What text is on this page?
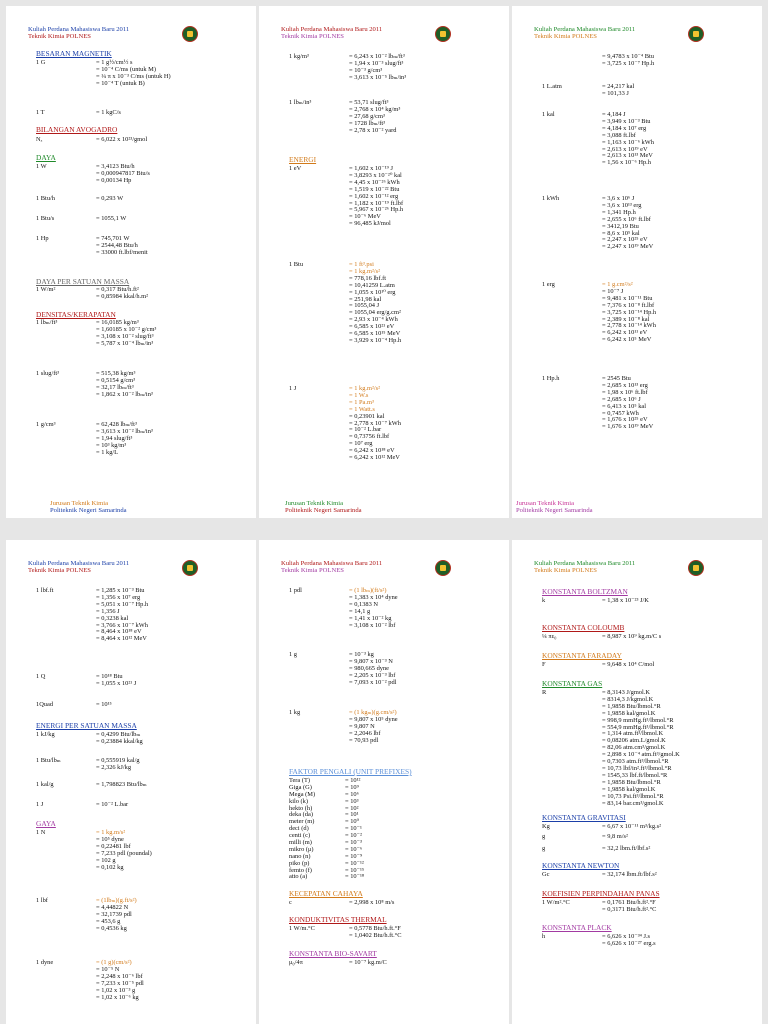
Kuliah Perdana Mahasiswa Baru 2011
Teknik Kimia POLNES
BESARAN MAGNETIK
1 G	= 1 g½/cm½ s
= 10⁻⁴ C/ms (untuk M)
= ¼ π x 10⁻³ C/ms (untuk H)
= 10⁻⁴ T (untuk B)
1 T	= 1 kgC/s
BILANGAN AVOGADRO
Nₐ	= 6,022 x 10²³/gmol
DAYA
1 W	= 3,4123 Btu/h
= 0,000947817 Btu/s
= 0,00134 Hp
1 Btu/h	= 0,293 W
1 Btu/s	= 1055,1 W
1 Hp	= 745,701 W
= 2544,48 Btu/h
= 33000 ft.lbf/menit
DAYA PER SATUAN MASSA
1 W/m²	= 0,317 Btu/h.ft²
= 0,85984 kkal/h.m²
DENSITAS/KERAPATAN
1 lbₘ/ft³	= 16,0185 kg/m³
= 1,60185 x 10⁻² g/cm³
= 3,108 x 10⁻² slug/ft³
= 5,787 x 10⁻⁴ lbₘ/in³
1 slug/ft³	= 515,38 kg/m³
= 0,5154 g/cm³
= 32,17 lbₘ/ft³
= 1,862 x 10⁻² lbₘ/in³
1 g/cm³	= 62,428 lbₘ/ft³
= 3,613 x 10⁻² lbₘ/in³
= 1,94 slug/ft³
= 10³ kg/m³
= 1 kg/L
Kuliah Perdana Mahasiswa Baru 2011
Teknik Kimia POLNES
1 kg/m³	= 6,243 x 10⁻² lbₘ/ft³
= 1,94 x 10⁻³ slug/ft³
= 10⁻³ g/cm³
= 3,613 x 10⁻⁵ lbₘ/in³
1 lbₘ/in³	= 53,71 slug/ft³
= 2,768 x 10⁴ kg/m³
= 27,68 g/cm³
= 1728 lbₘ/ft³
= 2,78 x 10⁻² yard
ENERGI
1 eV	= 1,602 x 10⁻¹⁹ J
= 3,8293 x 10⁻²⁰ kal
= 4,45 x 10⁻²⁶ kWh
= 1,519 x 10⁻²² Btu
= 1,602 x 10⁻¹² erg
= 1,182 x 10⁻¹⁹ ft.lbf
= 5,967 x 10⁻²⁶ Hp.h
= 10⁻⁶ MeV
= 96,485 kJ/mol
1 Btu	= 1 ft³.psi
= 1 kg.m²/s²
= 778,16 lbf.ft
= 10,41259 L.atm
= 1,055 x 10¹⁰ erg
= 251,98 kal
= 1055,04 J
= 1055,04 erg/g.cm²
= 2,93 x 10⁻⁴ kWh
= 6,585 x 10²¹ eV
= 6,585 x 10¹⁵ MeV
= 3,929 x 10⁻⁴ Hp.h
1 J	= 1 kg.m²/s²
= 1 W.s
= 1 Pa.m³
= 1 Watt.s
= 0,23901 kal
= 2,778 x 10⁻⁷ kWh
= 10⁻² L.bar
= 0,73756 ft.lbf
= 10⁷ erg
= 6,242 x 10¹⁸ eV
= 6,242 x 10¹² MeV
Kuliah Perdana Mahasiswa Baru 2011
Teknik Kimia POLNES
= 9,4783 x 10⁻⁴ Btu
= 3,725 x 10⁻⁷ Hp.h
1 L.atm	= 24,217 kal
= 101,33 J
1 kal	= 4,184 J
= 3,949 x 10⁻³ Btu
= 4,184 x 10⁷ erg
= 3,088 ft.lbf
= 1,163 x 10⁻⁶ kWh
= 2,613 x 10¹⁹ eV
= 2,613 x 10¹³ MeV
= 1,56 x 10⁻⁶ Hp.h
1 kWh	= 3,6 x 10⁶ J
= 3,6 x 10¹³ erg
= 1,341 Hp.h
= 2,655 x 10⁶ ft.lbf
= 3412,19 Btu
= 8,6 x 10⁵ kal
= 2,247 x 10²⁵ eV
= 2,247 x 10¹⁹ MeV
1 erg	= 1 g.cm²/s²
= 10⁻⁷ J
= 9,481 x 10⁻¹¹ Btu
= 7,376 x 10⁻⁸ ft.lbf
= 3,725 x 10⁻¹⁴ Hp.h
= 2,389 x 10⁻⁸ kal
= 2,778 x 10⁻¹⁴ kWh
= 6,242 x 10¹¹ eV
= 6,242 x 10⁵ MeV
1 Hp.h	= 2545 Btu
= 2,685 x 10¹³ erg
= 1,98 x 10⁶ ft.lbf
= 2,685 x 10⁶ J
= 6,413 x 10⁵ kal
= 0,7457 kWh
= 1,676 x 10²⁵ eV
= 1,676 x 10¹⁹ MeV
Jurusan Teknik Kimia
Politeknik Negeri Samarinda
Jurusan Teknik Kimia
Politeknik Negeri Samarinda
Jurusan Teknik Kimia
Politeknik Negeri Samarinda
Kuliah Perdana Mahasiswa Baru 2011
Teknik Kimia POLNES
1 lbf.ft	= 1,285 x 10⁻³ Btu
= 1,356 x 10⁷ erg
= 5,051 x 10⁻⁷ Hp.h
= 1,356 J
= 0,3238 kal
= 3,766 x 10⁻⁷ kWh
= 8,464 x 10¹⁸ eV
= 8,464 x 10¹² MeV
1 Q	= 10¹⁸ Btu
= 1,055 x 10²¹ J
1Quad	= 10¹⁵
ENERGI PER SATUAN MASSA
1 kJ/kg	= 0,4299 Btu/lbₘ
= 0,23884 kkal/kg
1 Btu/lbₘ	= 0,555919 kal/g
= 2,326 kJ/kg
1 kal/g	= 1,798823 Btu/lbₘ
1 J	= 10⁻² L.bar
GAYA
1 N	= 1 kg.m/s²
= 10⁵ dyne
= 0,22481 lbf
= 7,233 pdl (poundal)
= 102 g
= 0,102 kg
1 lbf	= (1lbₘ)(g.ft/s²)
= 4,44822 N
= 32,1739 pdl
= 453,6 g
= 0,4536 kg
1 dyne	= (1 g)(cm/s²)
= 10⁻⁵ N
= 2,248 x 10⁻⁶ lbf
= 7,233 x 10⁻⁵ pdl
= 1,02 x 10⁻³ g
= 1,02 x 10⁻⁶ kg
Kuliah Perdana Mahasiswa Baru 2011
Teknik Kimia POLNES
1 pdl	= (1 lbₘ)(ft/s²)
= 1,383 x 10⁴ dyne
= 0,1383 N
= 14,1 g
= 1,41 x 10⁻² kg
= 3,108 x 10⁻² lbf
1 g	= 10⁻³ kg
= 9,807 x 10⁻³ N
= 980,665 dyne
= 2,205 x 10⁻³ lbf
= 7,093 x 10⁻² pdl
1 kg	= (1 kgₘ)(g.cm/s²)
= 9,807 x 10⁵ dyne
= 9,807 N
= 2,2046 lbf
= 70,93 pdl
FAKTOR PENGALI (UNIT PREFIXES)
Tera (T)	= 10¹²
Giga (G)	= 10⁹
Mega (M)	= 10⁶
kilo (k)	= 10³
hekto (h)	= 10²
deka (da)	= 10¹
meter (m)	= 10⁰
deci (d)	= 10⁻¹
centi (c)	= 10⁻²
milli (m)	= 10⁻³
mikro (μ)	= 10⁻⁶
nano (n)	= 10⁻⁹
piko (p)	= 10⁻¹²
femto (f)	= 10⁻¹⁵
atto (a)	= 10⁻¹⁸
KECEPATAN CAHAYA
c	= 2,998 x 10⁸ m/s
KONDUKTIVITAS THERMAL
1 W/m.°C	= 0,5778 Btu/h.ft.°F
= 1,0402 Btu/h.ft.°C
KONSTANTA BIO-SAVART
μ₀/4π	= 10⁻⁷ kg.m/C
Kuliah Perdana Mahasiswa Baru 2011
Teknik Kimia POLNES
KONSTANTA BOLTZMAN
k	= 1,38 x 10⁻²³ J/K
KONSTANTA COLOUMB
¼ πε₀	= 8,987 x 10⁹ kg.m/C s
KONSTANTA FARADAY
F	= 9,648 x 10⁴ C/mol
KONSTANTA GAS
R	= 8,3143 J/gmol.K
= 8314,3 J/kgmol.K
= 1,9858 Btu/lbmol.°R
= 1,9858 kal/gmol.K
= 998,9 mmHg.ft³/lbmol.°R
= 554,9 mmHg.ft³/lbmol.°R
= 1,314 atm.ft³/lbmol.K
= 0,08206 atm.L/gmol.K
= 82,06 atm.cm³/gmol.K
= 2,898 x 10⁻⁴ atm.ft³/gmol.K
= 0,7303 atm.ft³/lbmol.°R
= 10,73 lbf/in².ft³/lbmol.°R
= 1545,33 lbf.ft/lbmol.°R
= 1,9858 Btu/lbmol.°R
= 1,9858 kal/gmol.K
= 10,73 Psi.ft³/lbmol.°R
= 83,14 bar.cm³/gmol.K
KONSTANTA GRAVITASI
Kg	= 6,67 x 10⁻¹¹ m³/kg.s²
g	= 9,8 m/s²
g	= 32,2 lbm.ft/lbf.s²
KONSTANTA NEWTON
Gc	= 32,174 lbm.ft/lbf.s²
KOEFISIEN PERPINDAHAN PANAS
1 W/m².°C	= 0,1761 Btu/h.ft².°F
= 0,3171 Btu/h.ft².°C
KONSTANTA PLACK
h	= 6,626 x 10⁻³⁴ J.s
= 6,626 x 10⁻²⁷ erg.s
